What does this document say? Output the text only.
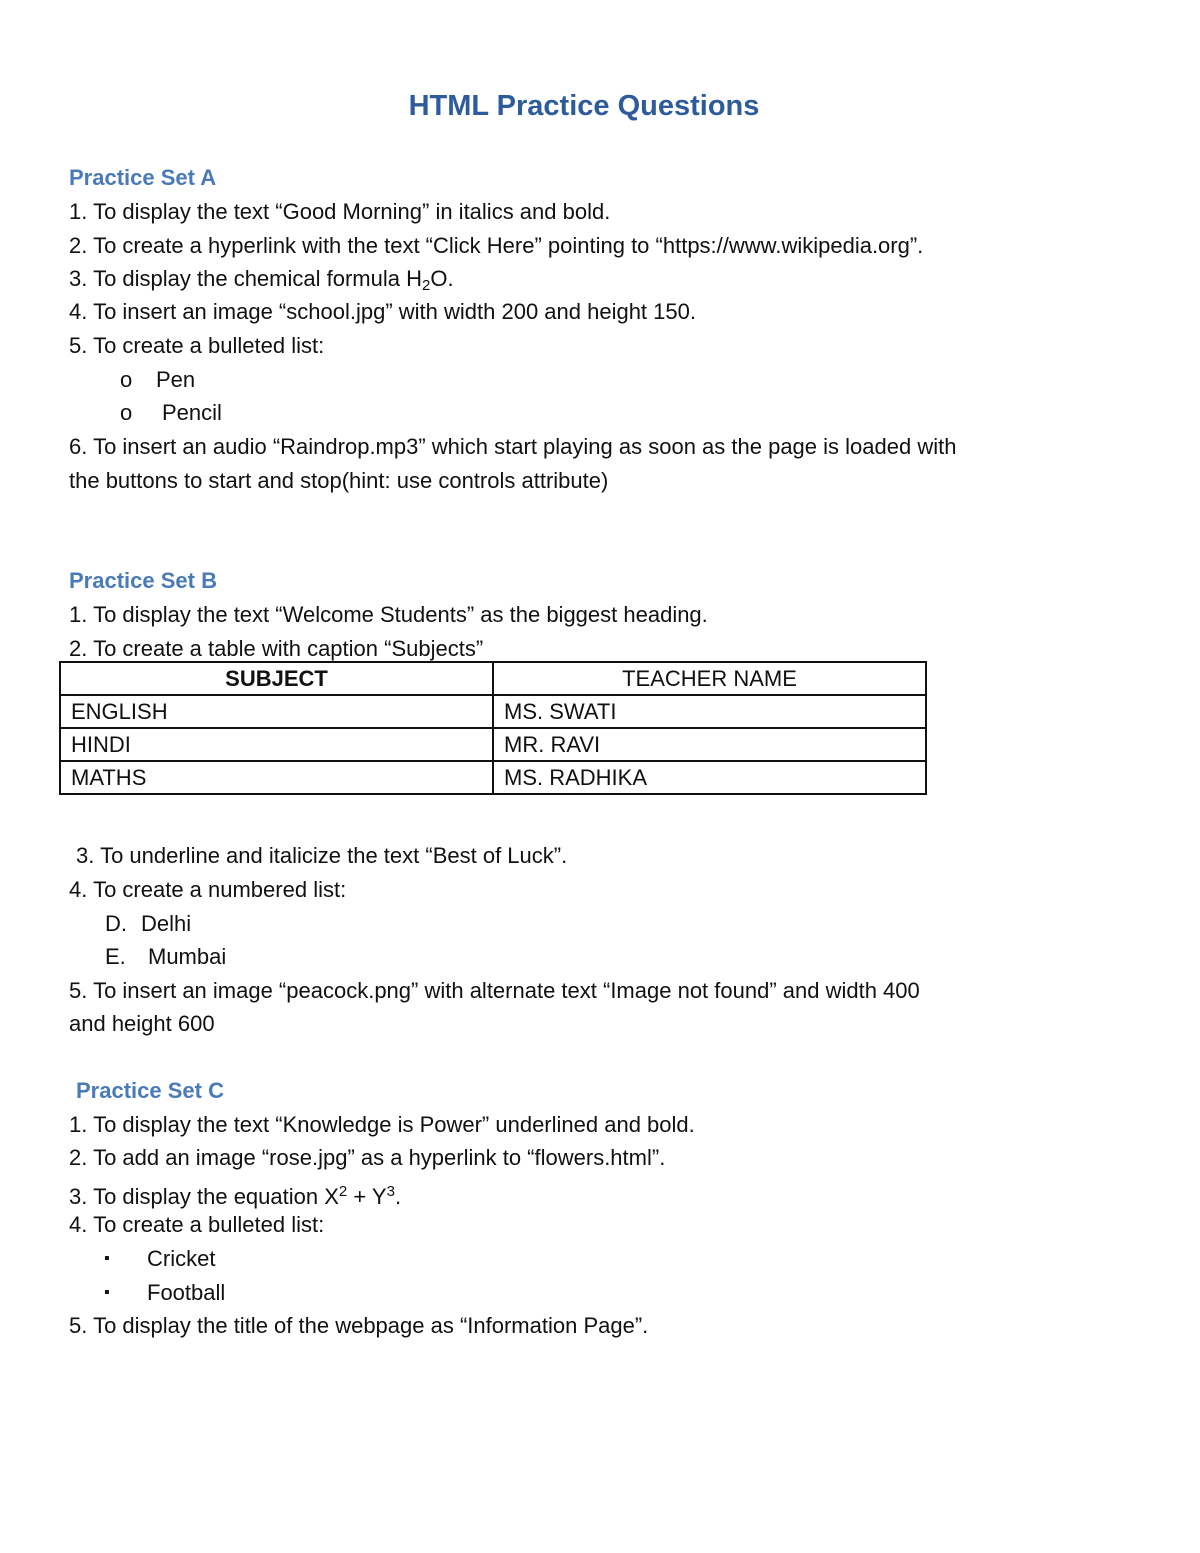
HTML Practice Questions
Practice Set A
1. To display the text “Good Morning” in italics and bold.
2. To create a hyperlink with the text “Click Here” pointing to “https://www.wikipedia.org”.
3. To display the chemical formula $H_2O$.
4. To insert an image “school.jpg” with width 200 and height 150.
5. To create a bulleted list:
o Pen
o Pencil
6. To insert an audio “Raindrop.mp3” which start playing as soon as the page is loaded with
the buttons to start and stop(hint: use controls attribute)
Practice Set B
1. To display the text “Welcome Students” as the biggest heading.
2. To create a table with caption “Subjects”
SUBJECT	TEACHER NAME
ENGLISH	MS. SWATI
HINDI	MR. RAVI
MATHS	MS. RADHIKA
3. To underline and italicize the text “Best of Luck”.
4. To create a numbered list:
D. Delhi
E. Mumbai
5. To insert an image “peacock.png” with alternate text “Image not found” and width 400
and height 600
Practice Set C
1. To display the text “Knowledge is Power” underlined and bold.
2. To add an image “rose.jpg” as a hyperlink to “flowers.html”.
3. To display the equation $X^2 + Y^3$.
4. To create a bulleted list:
▪ Cricket
▪ Football
5. To display the title of the webpage as “Information Page”.
